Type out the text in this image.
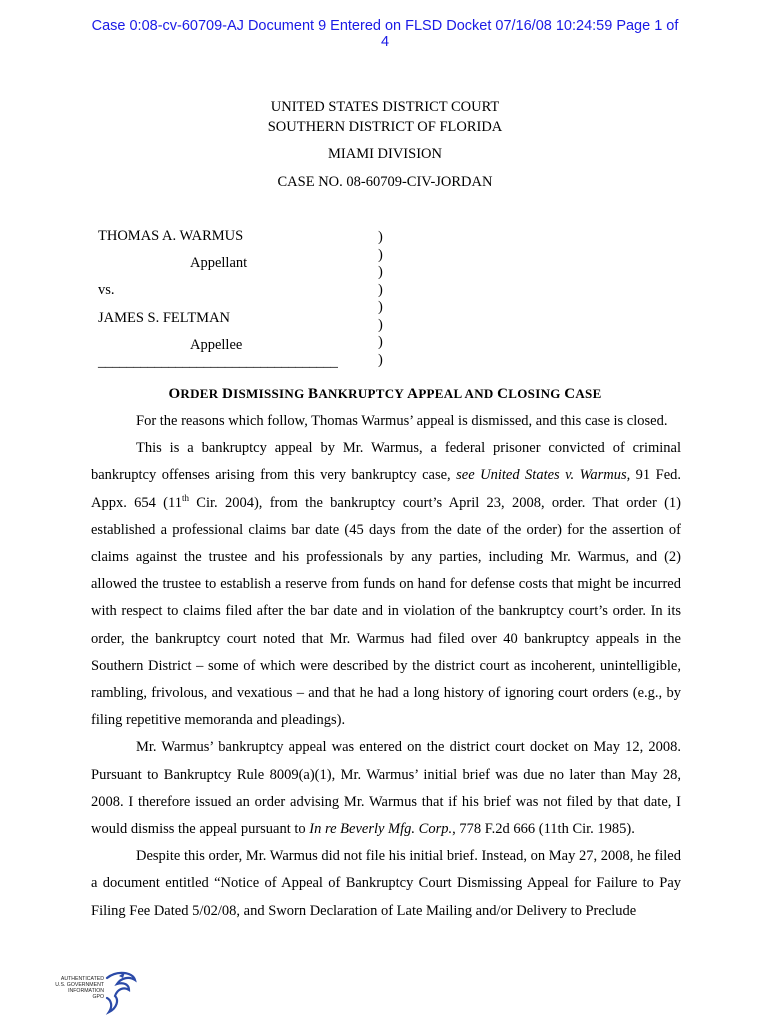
Case 0:08-cv-60709-AJ Document 9 Entered on FLSD Docket 07/16/08 10:24:59 Page 1 of
4
UNITED STATES DISTRICT COURT
SOUTHERN DISTRICT OF FLORIDA
MIAMI DIVISION
CASE NO. 08-60709-CIV-JORDAN
THOMAS A. WARMUS
Appellant
vs.
JAMES S. FELTMAN
Appellee
__________________________________
)
)
)
)
)
)
)
)
ORDER DISMISSING BANKRUPTCY APPEAL AND CLOSING CASE

For the reasons which follow, Thomas Warmus’ appeal is dismissed, and this case is closed.

This is a bankruptcy appeal by Mr. Warmus, a federal prisoner convicted of criminal bankruptcy offenses arising from this very bankruptcy case, see United States v. Warmus, 91 Fed. Appx. 654 (11th Cir. 2004), from the bankruptcy court’s April 23, 2008, order. That order (1) established a professional claims bar date (45 days from the date of the order) for the assertion of claims against the trustee and his professionals by any parties, including Mr. Warmus, and (2) allowed the trustee to establish a reserve from funds on hand for defense costs that might be incurred with respect to claims filed after the bar date and in violation of the bankruptcy court’s order. In its order, the bankruptcy court noted that Mr. Warmus had filed over 40 bankruptcy appeals in the Southern District – some of which were described by the district court as incoherent, unintelligible, rambling, frivolous, and vexatious – and that he had a long history of ignoring court orders (e.g., by filing repetitive memoranda and pleadings).

Mr. Warmus’ bankruptcy appeal was entered on the district court docket on May 12, 2008. Pursuant to Bankruptcy Rule 8009(a)(1), Mr. Warmus’ initial brief was due no later than May 28, 2008. I therefore issued an order advising Mr. Warmus that if his brief was not filed by that date, I would dismiss the appeal pursuant to In re Beverly Mfg. Corp., 778 F.2d 666 (11th Cir. 1985).

Despite this order, Mr. Warmus did not file his initial brief. Instead, on May 27, 2008, he filed a document entitled “Notice of Appeal of Bankruptcy Court Dismissing Appeal for Failure to Pay Filing Fee Dated 5/02/08, and Sworn Declaration of Late Mailing and/or Delivery to Preclude

AUTHENTICATED
U.S. GOVERNMENT
INFORMATION
GPO
